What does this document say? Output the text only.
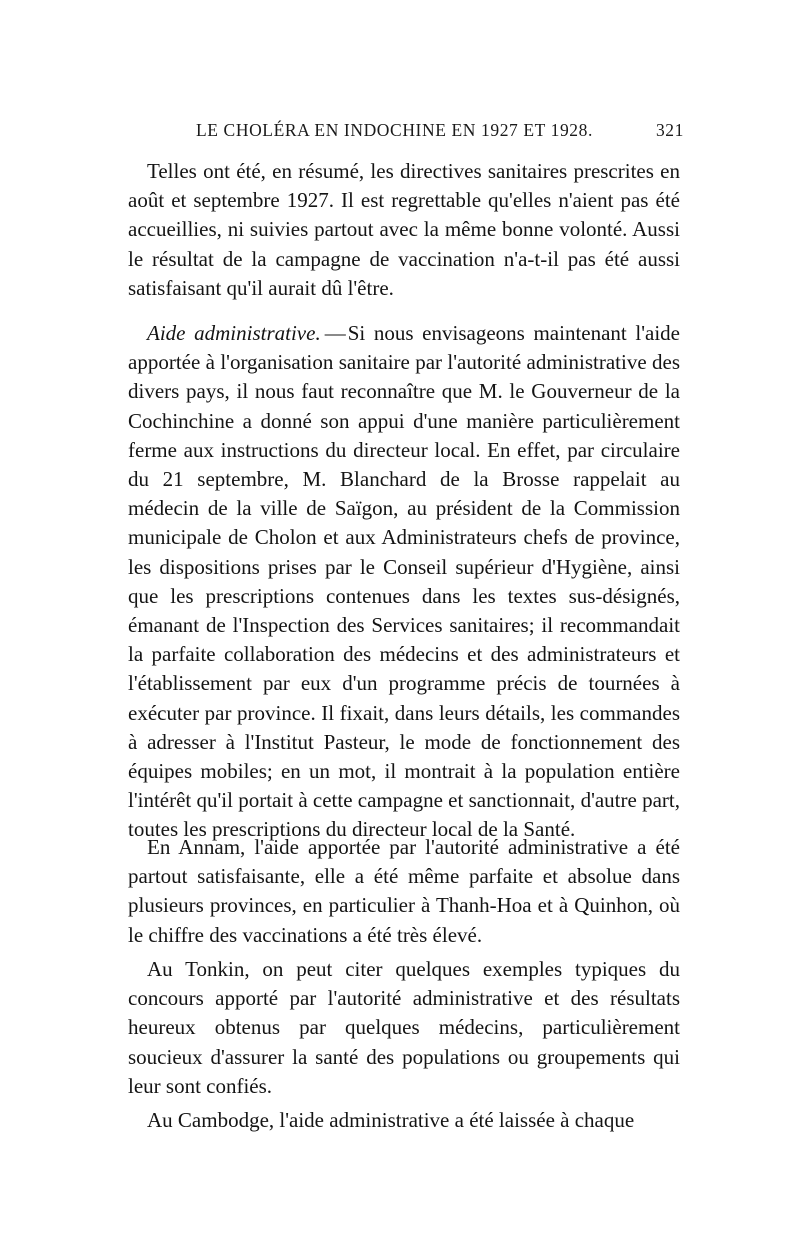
LE CHOLÉRA EN INDOCHINE EN 1927 ET 1928.	321

Telles ont été, en résumé, les directives sanitaires prescrites en août et septembre 1927. Il est regrettable qu'elles n'aient pas été accueillies, ni suivies partout avec la même bonne volonté. Aussi le résultat de la campagne de vaccination n'a-t-il pas été aussi satisfaisant qu'il aurait dû l'être.

Aide administrative. —Si nous envisageons maintenant l'aide apportée à l'organisation sanitaire par l'autorité administrative des divers pays, il nous faut reconnaître que M. le Gouverneur de la Cochinchine a donné son appui d'une manière particulièrement ferme aux instructions du directeur local. En effet, par circulaire du 21 septembre, M. Blanchard de la Brosse rappelait au médecin de la ville de Saïgon, au président de la Commission municipale de Cholon et aux Administrateurs chefs de province, les dispositions prises par le Conseil supérieur d'Hygiène, ainsi que les prescriptions contenues dans les textes sus-désignés, émanant de l'Inspection des Services sanitaires; il recommandait la parfaite collaboration des médecins et des administrateurs et l'établissement par eux d'un programme précis de tournées à exécuter par province. Il fixait, dans leurs détails, les commandes à adresser à l'Institut Pasteur, le mode de fonctionnement des équipes mobiles; en un mot, il montrait à la population entière l'intérêt qu'il portait à cette campagne et sanctionnait, d'autre part, toutes les prescriptions du directeur local de la Santé.

En Annam, l'aide apportée par l'autorité administrative a été partout satisfaisante, elle a été même parfaite et absolue dans plusieurs provinces, en particulier à Thanh-Hoa et à Quinhon, où le chiffre des vaccinations a été très élevé.

Au Tonkin, on peut citer quelques exemples typiques du concours apporté par l'autorité administrative et des résultats heureux obtenus par quelques médecins, particulièrement soucieux d'assurer la santé des populations ou groupements qui leur sont confiés.

Au Cambodge, l'aide administrative a été laissée à chaque
